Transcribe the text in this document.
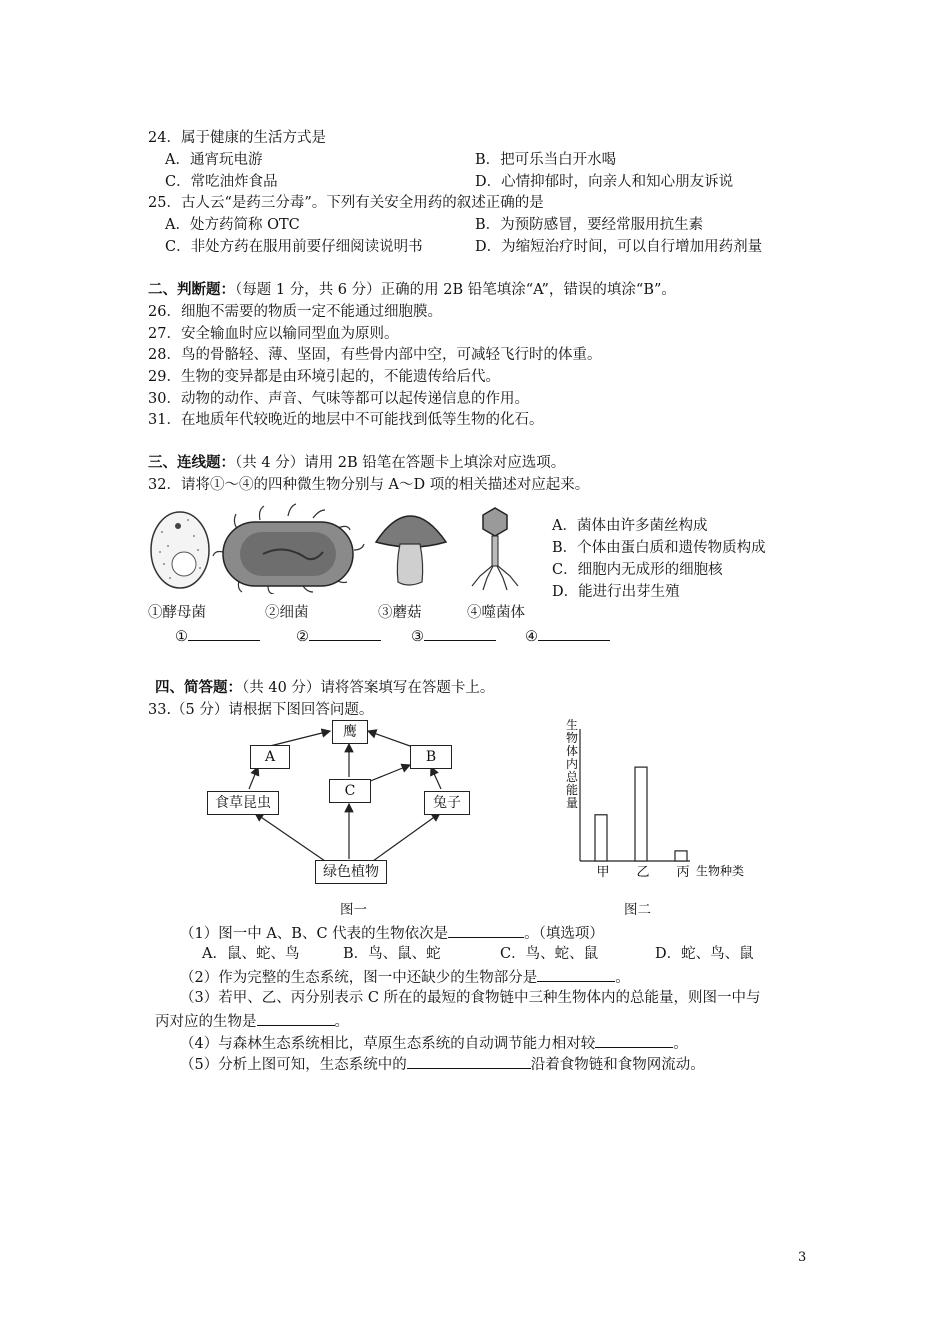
24．属于健康的生活方式是
A．通宵玩电游	B．把可乐当白开水喝
C．常吃油炸食品	D．心情抑郁时，向亲人和知心朋友诉说
25．古人云“是药三分毒”。下列有关安全用药的叙述正确的是
A．处方药简称 OTC	B．为预防感冒，要经常服用抗生素
C．非处方药在服用前要仔细阅读说明书	D．为缩短治疗时间，可以自行增加用药剂量
二、判断题：（每题 1 分，共 6 分）正确的用 2B 铅笔填涂“A”，错误的填涂“B”。
26．细胞不需要的物质一定不能通过细胞膜。
27．安全输血时应以输同型血为原则。
28．鸟的骨骼轻、薄、坚固，有些骨内部中空，可减轻飞行时的体重。
29．生物的变异都是由环境引起的，不能遗传给后代。
30．动物的动作、声音、气味等都可以起传递信息的作用。
31．在地质年代较晚近的地层中不可能找到低等生物的化石。
三、连线题：（共 4 分）请用 2B 铅笔在答题卡上填涂对应选项。
32．请将①～④的四种微生物分别与 A～D 项的相关描述对应起来。
A．菌体由许多菌丝构成
B．个体由蛋白质和遗传物质构成
C．细胞内无成形的细胞核
D．能进行出芽生殖
①酵母菌	②细菌	③蘑菇	④噬菌体
①	②	③	④
四、简答题：（共 40 分）请将答案填写在答题卡上。
33.（5 分）请根据下图回答问题。
鹰
A	B
C
食草昆虫	兔子
绿色植物
图一
生物体内总能量
生物种类
甲 乙 丙
图二
（1）图一中 A、B、C 代表的生物依次是	。（填选项）
A．鼠、蛇、鸟	B．鸟、鼠、蛇	C．鸟、蛇、鼠	D．蛇、鸟、鼠
（2）作为完整的生态系统，图一中还缺少的生物部分是	。
（3）若甲、乙、丙分别表示 C 所在的最短的食物链中三种生物体内的总能量，则图一中与
丙对应的生物是	。
（4）与森林生态系统相比，草原生态系统的自动调节能力相对较	。
（5）分析上图可知，生态系统中的	沿着食物链和食物网流动。
3
